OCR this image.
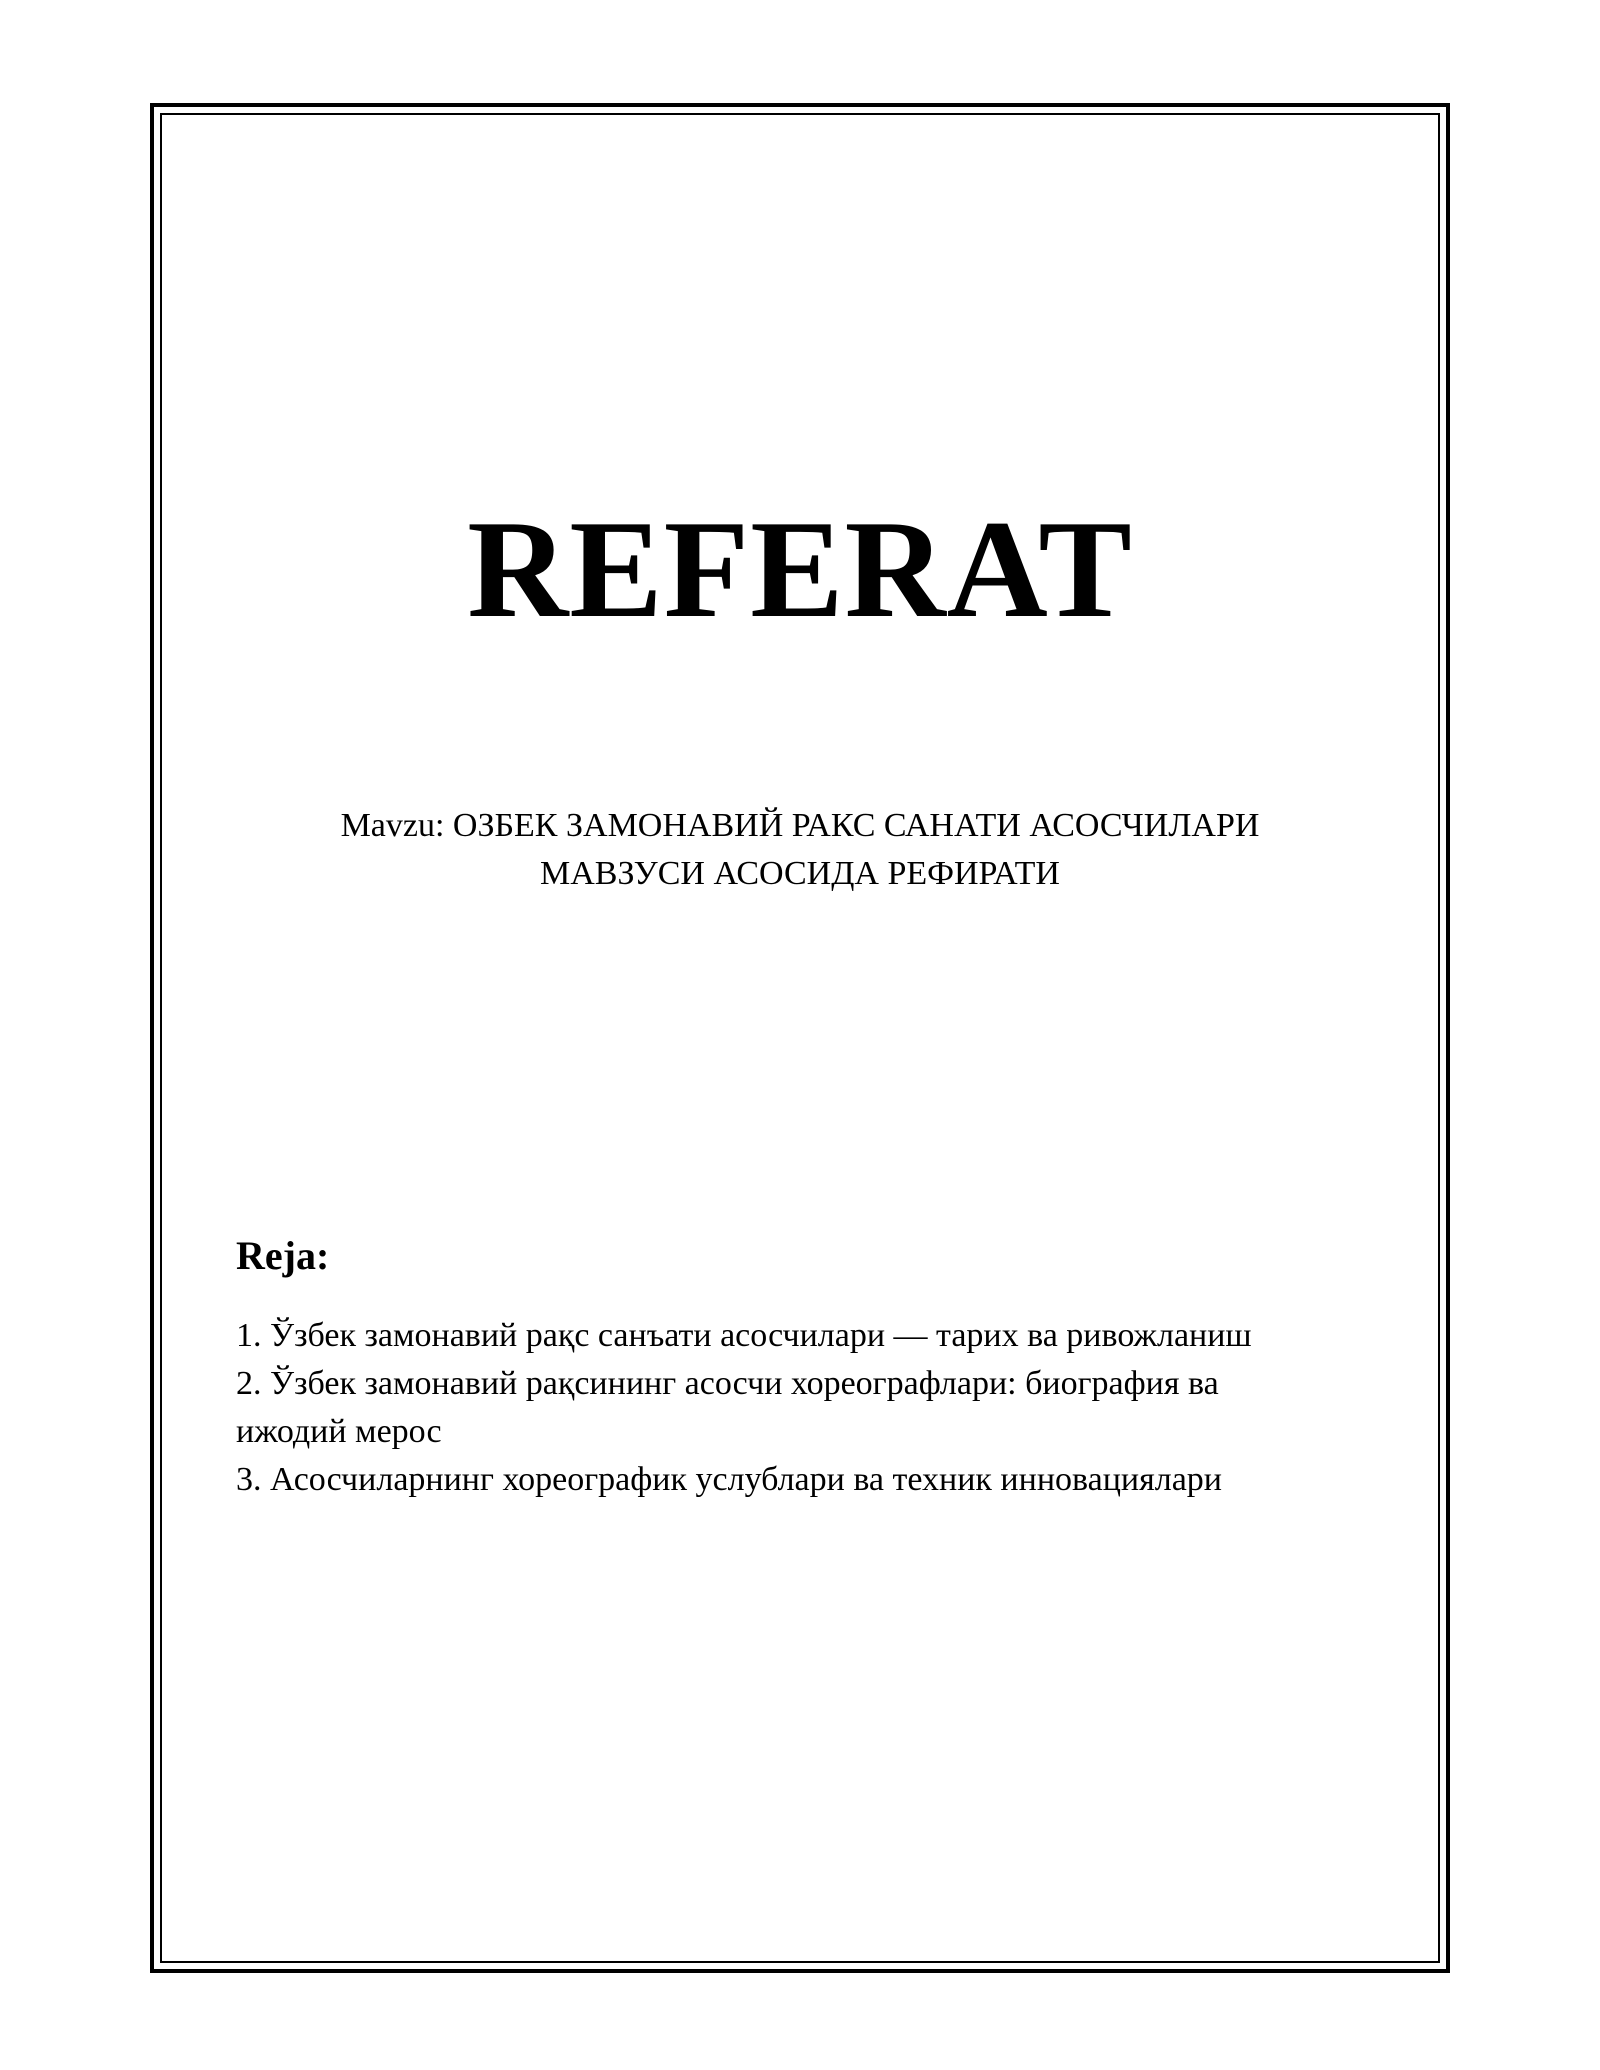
REFERAT
Mavzu: ОЗБЕК ЗАМОНАВИЙ РАКС САНАТИ АСОСЧИЛАРИ
МАВЗУСИ АСОСИДА РЕФИРАТИ
Reja:
1. Ўзбек замонавий рақс санъати асосчилари — тарих ва ривожланиш
2. Ўзбек замонавий рақсининг асосчи хореографлари: биография ва
ижодий мерос
3. Асосчиларнинг хореографик услублари ва техник инновациялари
